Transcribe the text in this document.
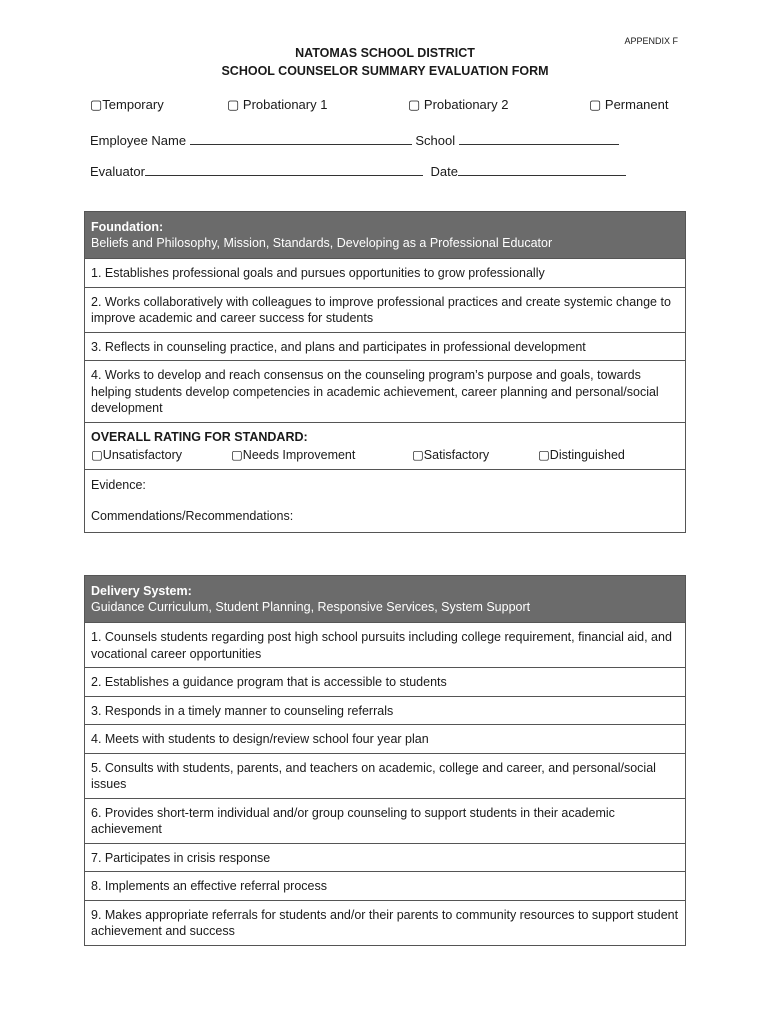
APPENDIX F
NATOMAS SCHOOL DISTRICT
SCHOOL COUNSELOR SUMMARY EVALUATION FORM
▢Temporary	▢ Probationary 1	▢ Probationary 2	▢ Permanent
Employee Name	School
Evaluator	Date
Foundation:
Beliefs and Philosophy, Mission, Standards, Developing as a Professional Educator
1. Establishes professional goals and pursues opportunities to grow professionally
2. Works collaboratively with colleagues to improve professional practices and create systemic change to improve academic and career success for students
3. Reflects in counseling practice, and plans and participates in professional development
4. Works to develop and reach consensus on the counseling program’s purpose and goals, towards helping students develop competencies in academic achievement, career planning and personal/social development
OVERALL RATING FOR STANDARD:
▢Unsatisfactory	▢Needs Improvement	▢Satisfactory	▢Distinguished
Evidence:
Commendations/Recommendations:
Delivery System:
Guidance Curriculum, Student Planning, Responsive Services, System Support
1. Counsels students regarding post high school pursuits including college requirement, financial aid, and vocational career opportunities
2. Establishes a guidance program that is accessible to students
3. Responds in a timely manner to counseling referrals
4. Meets with students to design/review school four year plan
5. Consults with students, parents, and teachers on academic, college and career, and personal/social issues
6. Provides short-term individual and/or group counseling to support students in their academic achievement
7. Participates in crisis response
8. Implements an effective referral process
9. Makes appropriate referrals for students and/or their parents to community resources to support student achievement and success
